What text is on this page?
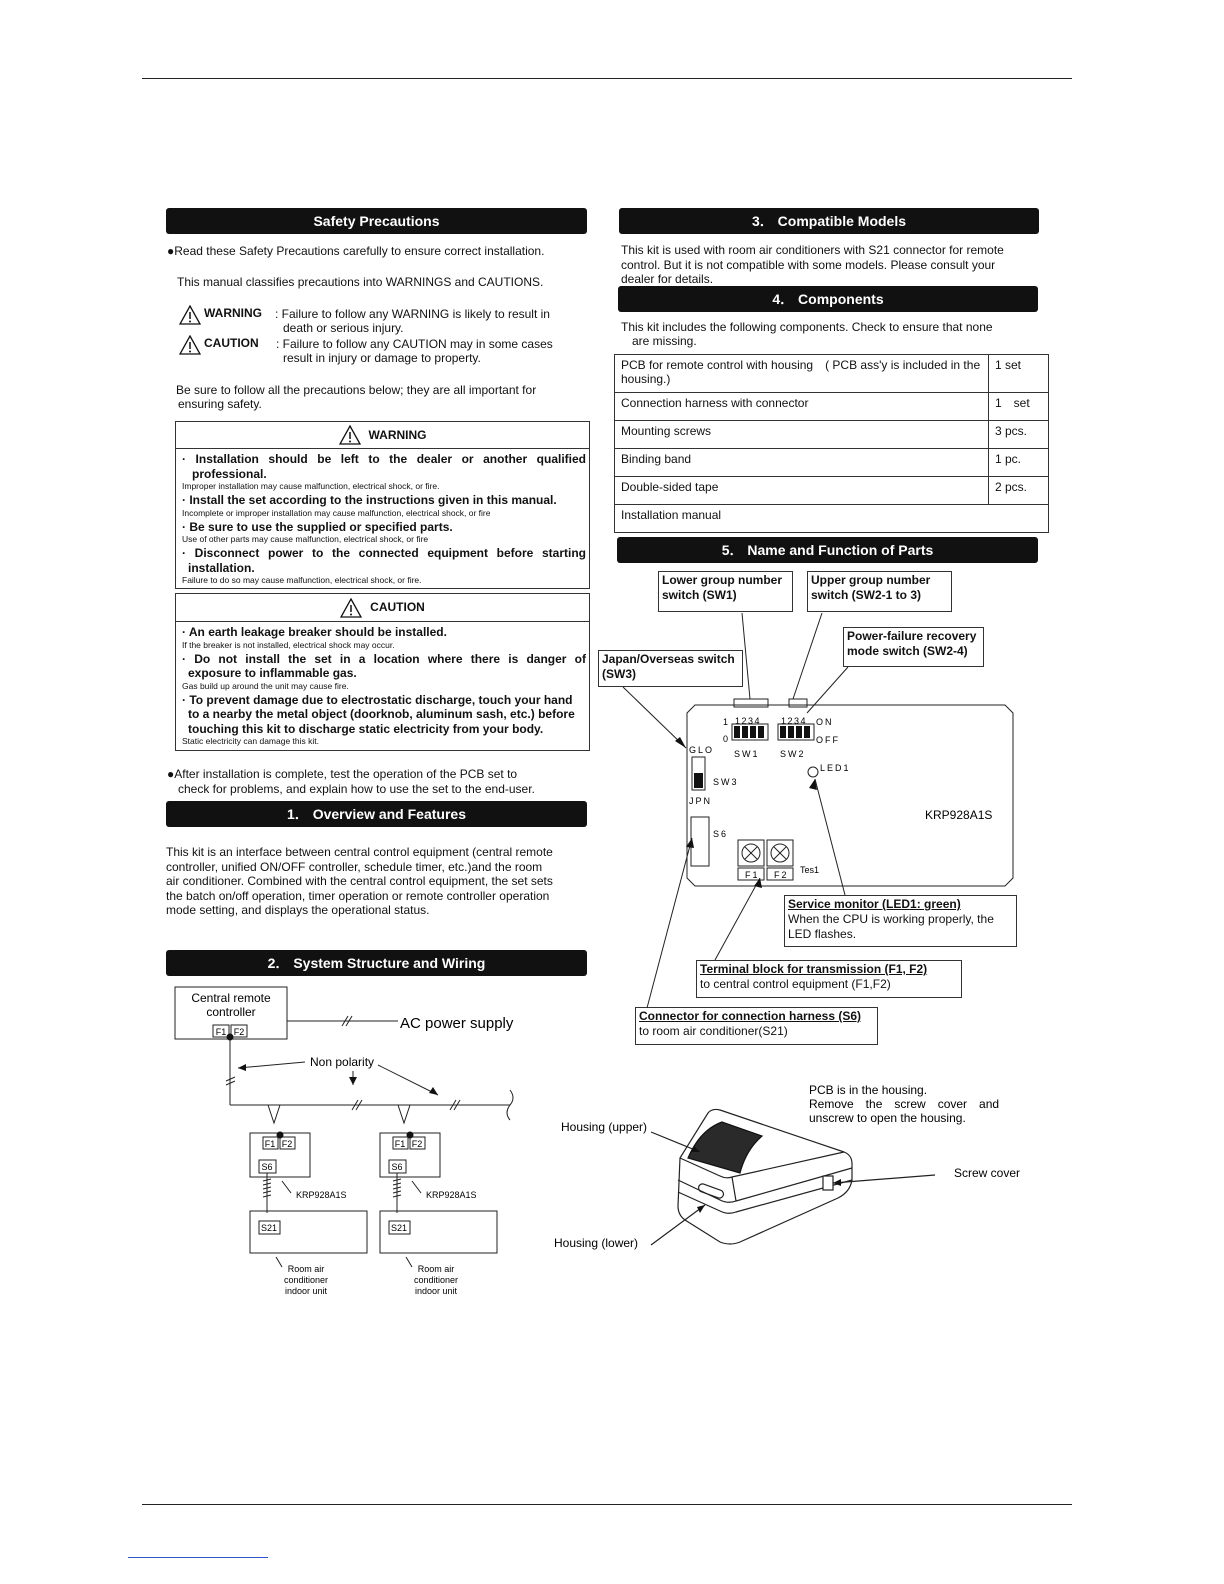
Safety Precautions
●Read these Safety Precautions carefully to ensure correct installation.
This manual classifies precautions into WARNINGS and CAUTIONS.
WARNING : Failure to follow any WARNING is likely to result in
death or serious injury.
CAUTION : Failure to follow any CAUTION may in some cases
result in injury or damage to property.
Be sure to follow all the precautions below; they are all important for
ensuring safety.
WARNING
· Installation should be left to the dealer or another qualified
professional.
Improper installation may cause malfunction, electrical shock, or fire.
· Install the set according to the instructions given in this manual.
Incomplete or improper installation may cause malfunction, electrical shock, or fire
· Be sure to use the supplied or specified parts.
Use of other parts may cause malfunction, electrical shock, or fire
· Disconnect power to the connected equipment before starting
installation.
Failure to do so may cause malfunction, electrical shock, or fire.
CAUTION
· An earth leakage breaker should be installed.
If the breaker is not installed, electrical shock may occur.
· Do not install the set in a location where there is danger of
exposure to inflammable gas.
Gas build up around the unit may cause fire.
· To prevent damage due to electrostatic discharge, touch your hand
to a nearby the metal object (doorknob, aluminum sash, etc.) before
touching this kit to discharge static electricity from your body.
Static electricity can damage this kit.
●After installation is complete, test the operation of the PCB set to
check for problems, and explain how to use the set to the end-user.
1． Overview and Features
This kit is an interface between central control equipment (central remote
controller, unified ON/OFF controller, schedule timer, etc.)and the room
air conditioner. Combined with the central control equipment, the set sets
the batch on/off operation, timer operation or remote controller operation
mode setting, and displays the operational status.
2． System Structure and Wiring
Central remote
controller
F1 F2	AC power supply
Non polarity
F1 F2	F1 F2
S6	S6
KRP928A1S	KRP928A1S
S21	S21
Room air
conditioner
indoor unit
Room air
conditioner
indoor unit
3． Compatible Models
This kit is used with room air conditioners with S21 connector for remote
control. But it is not compatible with some models. Please consult your
dealer for details.
4． Components
This kit includes the following components. Check to ensure that none
are missing.
PCB for remote control with housing　( PCB ass'y is included in the housing.)	1 set
Connection harness with connector	1　set
Mounting screws	3 pcs.
Binding band	1 pc.
Double-sided tape	2 pcs.
Installation manual	
5． Name and Function of Parts
Lower group number
switch (SW1)
Upper group number
switch (SW2-1 to 3)
Power-failure recovery
mode switch (SW2-4)
Japan/Overseas switch
(SW3)
Service monitor (LED1: green)
When the CPU is working properly, the
LED flashes.
Terminal block for transmission (F1, F2)
to central control equipment (F1,F2)
Connector for connection harness (S6)
to room air conditioner(S21)
1
0
1234 1234 ON
OFF
SW1 SW2
GLO
SW3
JPN
LED1
KRP928A1S
S6
F1 F2 Tes1
Housing (upper)
Housing (lower)
Screw cover
PCB is in the housing.
Remove　the　screw　cover　and
unscrew to open the housing.
